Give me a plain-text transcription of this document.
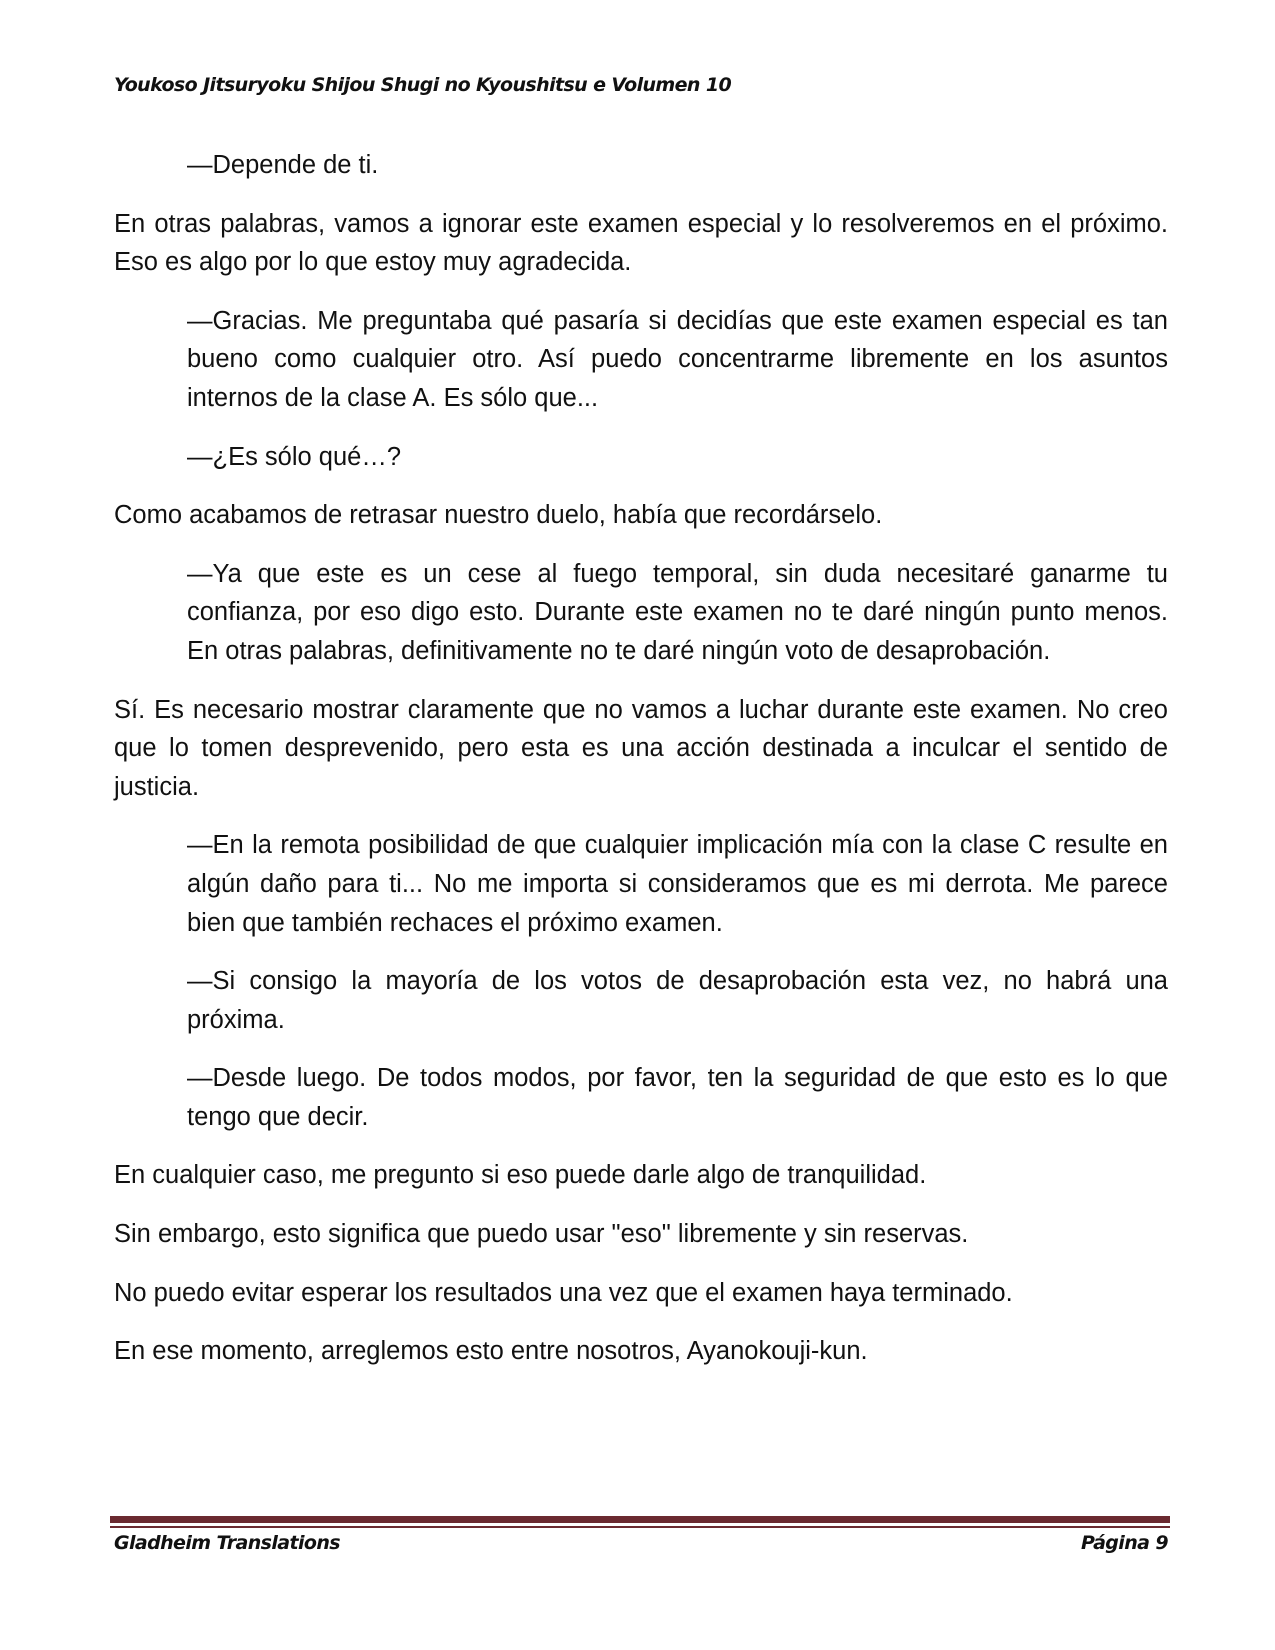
Youkoso Jitsuryoku Shijou Shugi no Kyoushitsu e Volumen 10

—Depende de ti.

En otras palabras, vamos a ignorar este examen especial y lo resolveremos en el próximo. Eso es algo por lo que estoy muy agradecida.

—Gracias. Me preguntaba qué pasaría si decidías que este examen especial es tan bueno como cualquier otro. Así puedo concentrarme libremente en los asuntos internos de la clase A. Es sólo que...

—¿Es sólo qué…?

Como acabamos de retrasar nuestro duelo, había que recordárselo.

—Ya que este es un cese al fuego temporal, sin duda necesitaré ganarme tu confianza, por eso digo esto. Durante este examen no te daré ningún punto menos. En otras palabras, definitivamente no te daré ningún voto de desaprobación.

Sí. Es necesario mostrar claramente que no vamos a luchar durante este examen. No creo que lo tomen desprevenido, pero esta es una acción destinada a inculcar el sentido de justicia.

—En la remota posibilidad de que cualquier implicación mía con la clase C resulte en algún daño para ti... No me importa si consideramos que es mi derrota. Me parece bien que también rechaces el próximo examen.

—Si consigo la mayoría de los votos de desaprobación esta vez, no habrá una próxima.

—Desde luego. De todos modos, por favor, ten la seguridad de que esto es lo que tengo que decir.

En cualquier caso, me pregunto si eso puede darle algo de tranquilidad.

Sin embargo, esto significa que puedo usar "eso" libremente y sin reservas.

No puedo evitar esperar los resultados una vez que el examen haya terminado.

En ese momento, arreglemos esto entre nosotros, Ayanokouji-kun.

Gladheim Translations	Página 9
